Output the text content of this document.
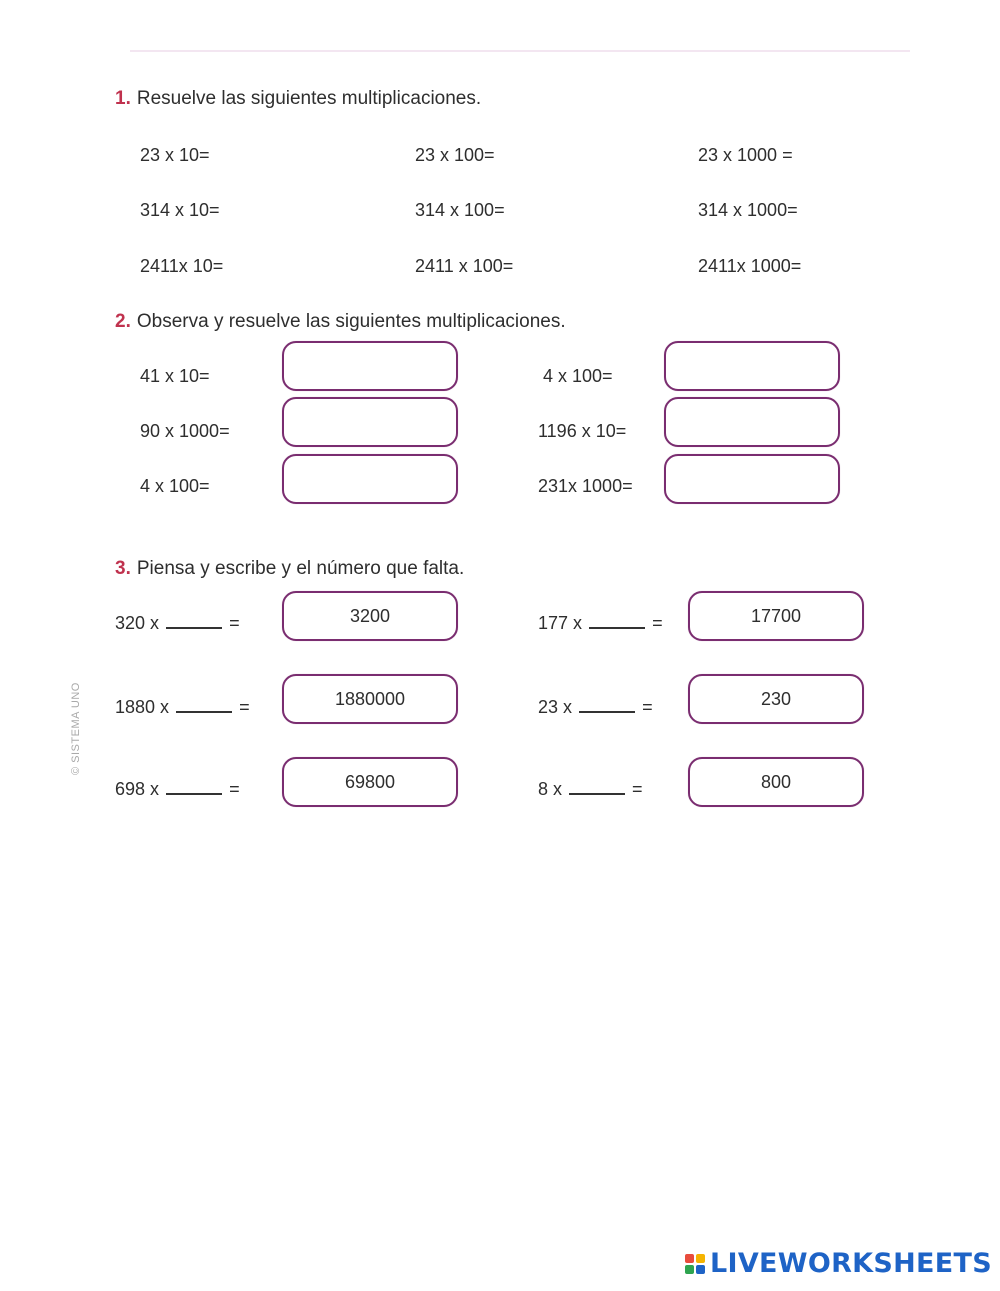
1. Resuelve las siguientes multiplicaciones.
23 x 10=	23 x 100=	23 x 1000 =
314 x 10=	314 x 100=	314 x 1000=
2411x 10=	2411 x 100=	2411x 1000=
2. Observa y resuelve las siguientes multiplicaciones.
41 x 10=
90 x 1000=
4 x 100=
4 x 100=
1196 x 10=
231x 1000=
3. Piensa y escribe y el número que falta.
320 x	=	3200
1880 x	=	1880000
698 x	=	69800
177 x	=	17700
23 x	=	230
8 x	=	800
© SISTEMA UNO
LIVEWORKSHEETS
